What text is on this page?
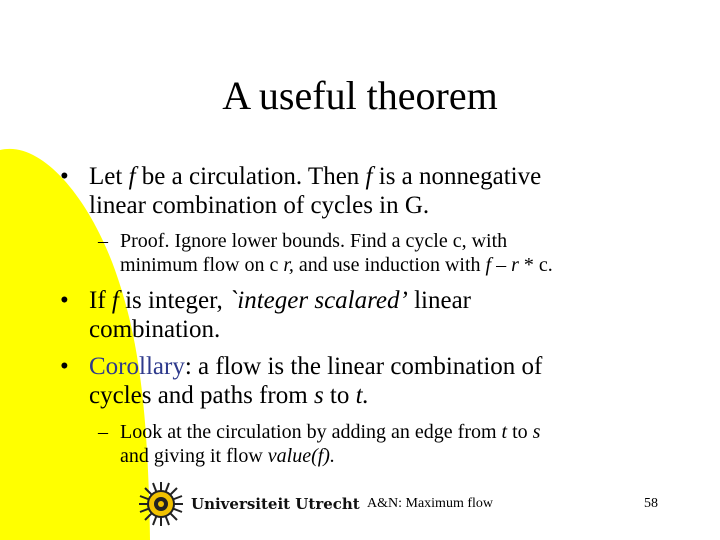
A useful theorem
• Let f be a circulation. Then f is a nonnegative
linear combination of cycles in G.
– Proof. Ignore lower bounds. Find a cycle c, with
minimum flow on c r, and use induction with f – r * c.
• If f is integer, `integer scalared’ linear
combination.
• Corollary: a flow is the linear combination of
cycles and paths from s to t.
– Look at the circulation by adding an edge from t to s
and giving it flow value(f).
Universiteit Utrecht A&N: Maximum flow	58
